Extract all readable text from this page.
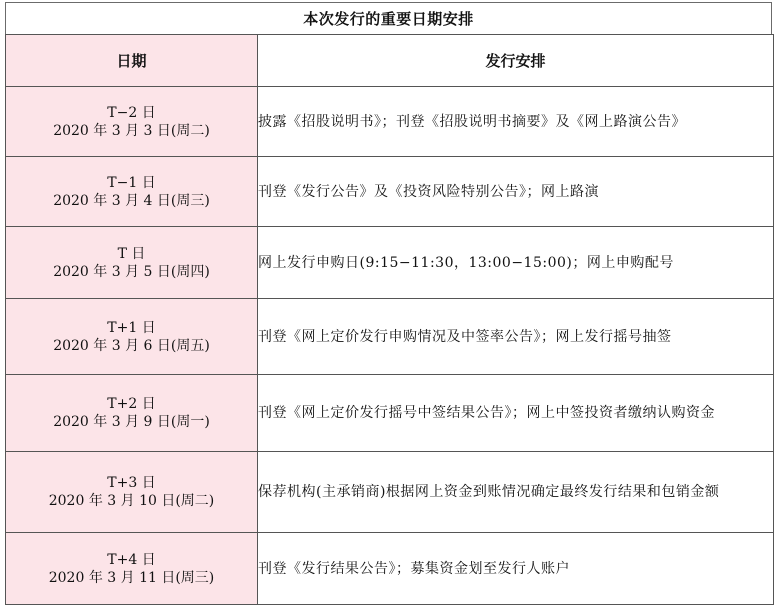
本次发行的重要日期安排
日期	发行安排

T−2 日
2020 年 3 月 3 日(周二)	披露《招股说明书》；刊登《招股说明书摘要》及《网上路演公告》

T−1 日
2020 年 3 月 4 日(周三)	刊登《发行公告》及《投资风险特别公告》；网上路演

T 日
2020 年 3 月 5 日(周四)	网上发行申购日(9:15−11:30，13:00−15:00)；网上申购配号

T+1 日
2020 年 3 月 6 日(周五)	刊登《网上定价发行申购情况及中签率公告》；网上发行摇号抽签

T+2 日
2020 年 3 月 9 日(周一)	刊登《网上定价发行摇号中签结果公告》；网上中签投资者缴纳认购资金

T+3 日
2020 年 3 月 10 日(周二)	保荐机构(主承销商)根据网上资金到账情况确定最终发行结果和包销金额

T+4 日
2020 年 3 月 11 日(周三)	刊登《发行结果公告》；募集资金划至发行人账户
